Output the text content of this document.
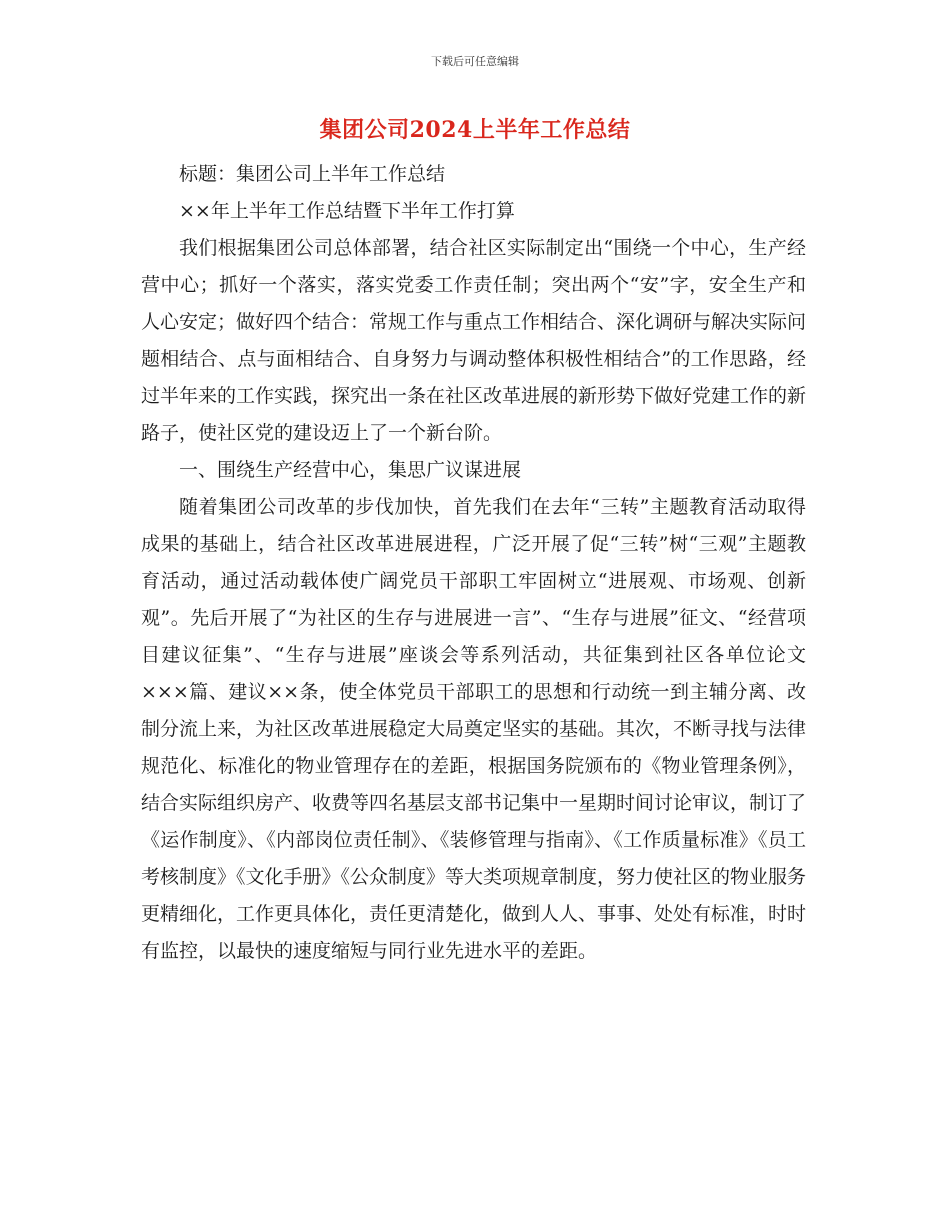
下载后可任意编辑
集团公司2024上半年工作总结

标题：集团公司上半年工作总结

××年上半年工作总结暨下半年工作打算

我们根据集团公司总体部署，结合社区实际制定出“围绕一个中心，生产经营中心；抓好一个落实，落实党委工作责任制；突出两个“安”字，安全生产和人心安定；做好四个结合：常规工作与重点工作相结合、深化调研与解决实际问题相结合、点与面相结合、自身努力与调动整体积极性相结合”的工作思路，经过半年来的工作实践，探究出一条在社区改革进展的新形势下做好党建工作的新路子，使社区党的建设迈上了一个新台阶。

一、围绕生产经营中心，集思广议谋进展

随着集团公司改革的步伐加快，首先我们在去年“三转”主题教育活动取得成果的基础上，结合社区改革进展进程，广泛开展了促“三转”树“三观”主题教育活动，通过活动载体使广阔党员干部职工牢固树立“进展观、市场观、创新观”。先后开展了“为社区的生存与进展进一言”、“生存与进展”征文、“经营项目建议征集”、“生存与进展”座谈会等系列活动，共征集到社区各单位论文×××篇、建议××条，使全体党员干部职工的思想和行动统一到主辅分离、改制分流上来，为社区改革进展稳定大局奠定坚实的基础。其次，不断寻找与法律规范化、标准化的物业管理存在的差距，根据国务院颁布的《物业管理条例》，结合实际组织房产、收费等四名基层支部书记集中一星期时间讨论审议，制订了《运作制度》、《内部岗位责任制》、《装修管理与指南》、《工作质量标准》《员工考核制度》《文化手册》《公众制度》等大类项规章制度，努力使社区的物业服务更精细化，工作更具体化，责任更清楚化，做到人人、事事、处处有标准，时时有监控，以最快的速度缩短与同行业先进水平的差距。
